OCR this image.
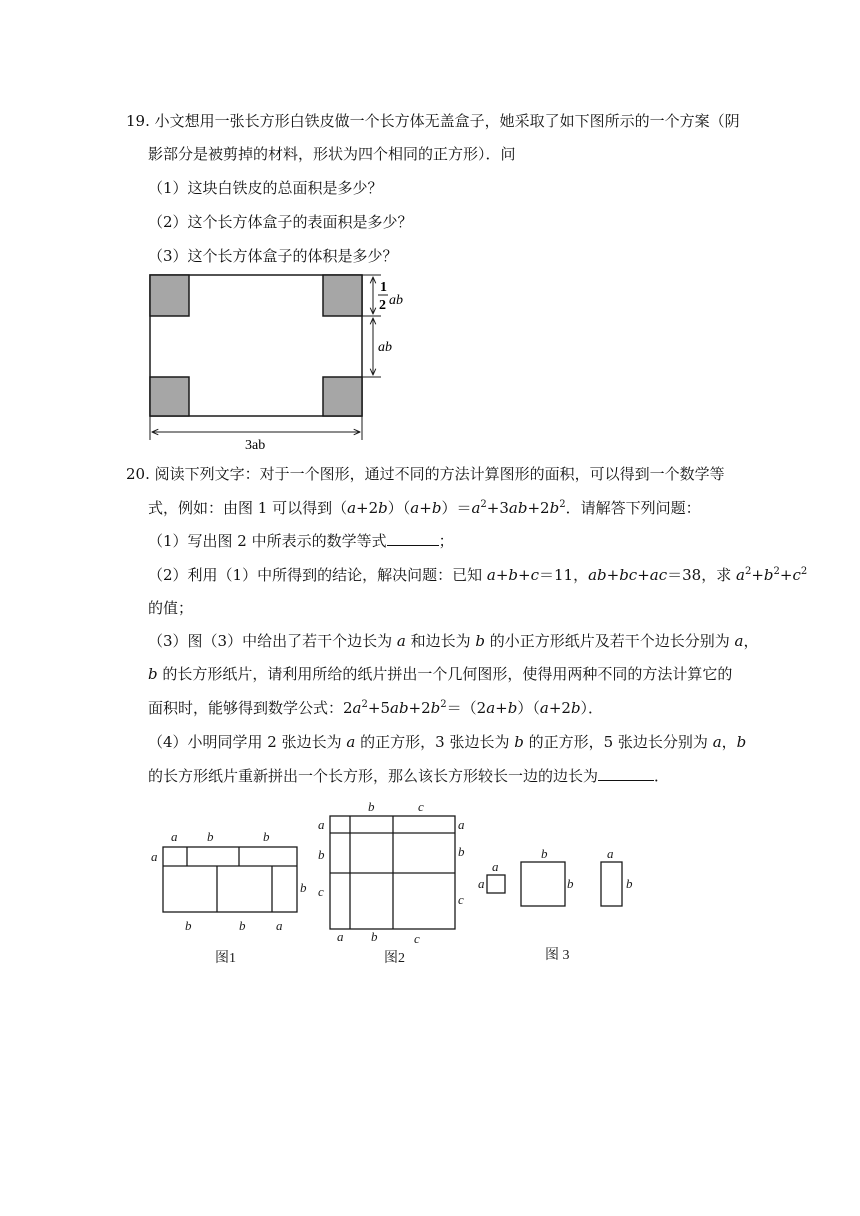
19. 小文想用一张长方形白铁皮做一个长方体无盖盒子，她采取了如下图所示的一个方案（阴
影部分是被剪掉的材料，形状为四个相同的正方形）．问
（1）这块白铁皮的总面积是多少？
（2）这个长方体盒子的表面积是多少？
（3）这个长方体盒子的体积是多少？
1
2 ab
ab
3ab
20. 阅读下列文字：对于一个图形，通过不同的方法计算图形的面积，可以得到一个数学等
式，例如：由图 1 可以得到$(a+2b)(a+b)=a^2+3ab+2b^2$．请解答下列问题：
（1）写出图 2 中所表示的数学等式	；
（2）利用（1）中所得到的结论，解决问题：已知 a+b+c＝11，ab+bc+ac＝38，求 $a^2+b^2+c^2$
的值；
（3）图（3）中给出了若干个边长为 a 和边长为 b 的小正方形纸片及若干个边长分别为 a，
b 的长方形纸片，请利用所给的纸片拼出一个几何图形，使得用两种不同的方法计算它的
面积时，能够得到数学公式：$2a^2+5ab+2b^2=(2a+b)(a+2b)$．
（4）小明同学用 2 张边长为 a 的正方形，3 张边长为 b 的正方形，5 张边长分别为 a，b
的长方形纸片重新拼出一个长方形，那么该长方形较长一边的边长为	．
a b	b
a
b
b	b a
b	c
a
b
c
a
b
c
a b	c
a
a
b
b
a
b
图1	图2	图 3
